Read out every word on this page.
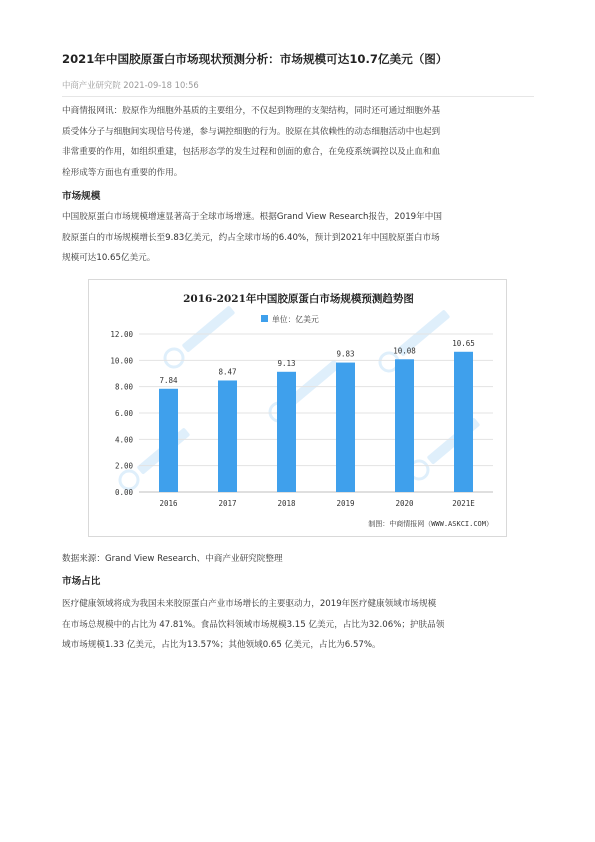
2021年中国胶原蛋白市场现状预测分析：市场规模可达10.7亿美元（图）
中商产业研究院 2021-09-18 10:56

中商情报网讯：胶原作为细胞外基质的主要组分，不仅起到物理的支架结构，同时还可通过细胞外基
质受体分子与细胞间实现信号传递，参与调控细胞的行为。胶原在其依赖性的动态细胞活动中也起到
非常重要的作用，如组织重建，包括形态学的发生过程和创面的愈合，在免疫系统调控以及止血和血
栓形成等方面也有重要的作用。

市场规模

中国胶原蛋白市场规模增速显著高于全球市场增速。根据Grand View Research报告，2019年中国
胶原蛋白的市场规模增长至9.83亿美元，约占全球市场的6.40%，预计到2021年中国胶原蛋白市场
规模可达10.65亿美元。

数据来源：Grand View Research、中商产业研究院整理
市场占比

医疗健康领域将成为我国未来胶原蛋白产业市场增长的主要驱动力，2019年医疗健康领域市场规模
在市场总规模中的占比为 47.81%。食品饮料领域市场规模3.15 亿美元，占比为32.06%；护肤品领
域市场规模1.33 亿美元，占比为13.57%；其他领域0.65 亿美元，占比为6.57%。

0.00
2.00
4.00
6.00
8.00
10.00
12.00
7.84
2016
8.47
2017
9.13
2018
9.83
2019
10.08
2020
10.65
2021E
2016-2021年中国胶原蛋白市场规模预测趋势图
单位：亿美元
制图：中商情报网（WWW.ASKCI.COM）
